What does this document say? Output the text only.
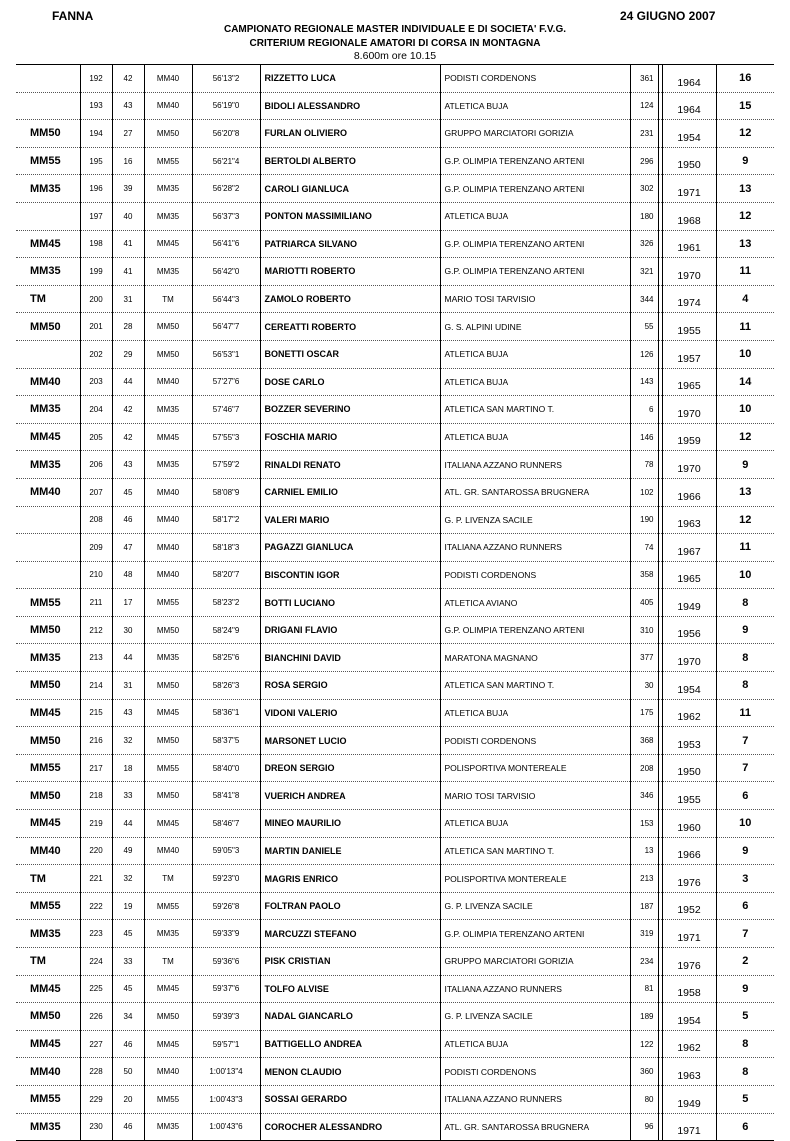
FANNA	24 GIUGNO 2007
CAMPIONATO REGIONALE MASTER INDIVIDUALE E DI SOCIETA' F.V.G.
CRITERIUM REGIONALE AMATORI DI CORSA IN MONTAGNA
8.600m ore 10.15
	192	42	MM40	56'13"2	RIZZETTO LUCA	PODISTI CORDENONS	361		1964	16
	193	43	MM40	56'19"0	BIDOLI ALESSANDRO	ATLETICA BUJA	124		1964	15
MM50	194	27	MM50	56'20"8	FURLAN OLIVIERO	GRUPPO MARCIATORI GORIZIA	231		1954	12
MM55	195	16	MM55	56'21"4	BERTOLDI ALBERTO	G.P. OLIMPIA TERENZANO ARTENI	296		1950	9
MM35	196	39	MM35	56'28"2	CAROLI GIANLUCA	G.P. OLIMPIA TERENZANO ARTENI	302		1971	13
	197	40	MM35	56'37"3	PONTON MASSIMILIANO	ATLETICA BUJA	180		1968	12
MM45	198	41	MM45	56'41"6	PATRIARCA SILVANO	G.P. OLIMPIA TERENZANO ARTENI	326		1961	13
MM35	199	41	MM35	56'42"0	MARIOTTI ROBERTO	G.P. OLIMPIA TERENZANO ARTENI	321		1970	11
TM	200	31	TM	56'44"3	ZAMOLO ROBERTO	MARIO TOSI TARVISIO	344		1974	4
MM50	201	28	MM50	56'47"7	CEREATTI ROBERTO	G. S. ALPINI UDINE	55		1955	11
	202	29	MM50	56'53"1	BONETTI OSCAR	ATLETICA BUJA	126		1957	10
MM40	203	44	MM40	57'27"6	DOSE CARLO	ATLETICA BUJA	143		1965	14
MM35	204	42	MM35	57'46"7	BOZZER SEVERINO	ATLETICA SAN MARTINO T.	6		1970	10
MM45	205	42	MM45	57'55"3	FOSCHIA MARIO	ATLETICA BUJA	146		1959	12
MM35	206	43	MM35	57'59"2	RINALDI RENATO	ITALIANA AZZANO RUNNERS	78		1970	9
MM40	207	45	MM40	58'08"9	CARNIEL EMILIO	ATL. GR. SANTAROSSA BRUGNERA	102		1966	13
	208	46	MM40	58'17"2	VALERI MARIO	G. P. LIVENZA SACILE	190		1963	12
	209	47	MM40	58'18"3	PAGAZZI GIANLUCA	ITALIANA AZZANO RUNNERS	74		1967	11
	210	48	MM40	58'20"7	BISCONTIN IGOR	PODISTI CORDENONS	358		1965	10
MM55	211	17	MM55	58'23"2	BOTTI LUCIANO	ATLETICA AVIANO	405		1949	8
MM50	212	30	MM50	58'24"9	DRIGANI FLAVIO	G.P. OLIMPIA TERENZANO ARTENI	310		1956	9
MM35	213	44	MM35	58'25"6	BIANCHINI DAVID	MARATONA MAGNANO	377		1970	8
MM50	214	31	MM50	58'26"3	ROSA SERGIO	ATLETICA SAN MARTINO T.	30		1954	8
MM45	215	43	MM45	58'36"1	VIDONI VALERIO	ATLETICA BUJA	175		1962	11
MM50	216	32	MM50	58'37"5	MARSONET LUCIO	PODISTI CORDENONS	368		1953	7
MM55	217	18	MM55	58'40"0	DREON SERGIO	POLISPORTIVA MONTEREALE	208		1950	7
MM50	218	33	MM50	58'41"8	VUERICH ANDREA	MARIO TOSI TARVISIO	346		1955	6
MM45	219	44	MM45	58'46"7	MINEO MAURILIO	ATLETICA BUJA	153		1960	10
MM40	220	49	MM40	59'05"3	MARTIN DANIELE	ATLETICA SAN MARTINO T.	13		1966	9
TM	221	32	TM	59'23"0	MAGRIS ENRICO	POLISPORTIVA MONTEREALE	213		1976	3
MM55	222	19	MM55	59'26"8	FOLTRAN PAOLO	G. P. LIVENZA SACILE	187		1952	6
MM35	223	45	MM35	59'33"9	MARCUZZI STEFANO	G.P. OLIMPIA TERENZANO ARTENI	319		1971	7
TM	224	33	TM	59'36"6	PISK CRISTIAN	GRUPPO MARCIATORI GORIZIA	234		1976	2
MM45	225	45	MM45	59'37"6	TOLFO ALVISE	ITALIANA AZZANO RUNNERS	81		1958	9
MM50	226	34	MM50	59'39"3	NADAL GIANCARLO	G. P. LIVENZA SACILE	189		1954	5
MM45	227	46	MM45	59'57"1	BATTIGELLO ANDREA	ATLETICA BUJA	122		1962	8
MM40	228	50	MM40	1:00'13"4	MENON CLAUDIO	PODISTI CORDENONS	360		1963	8
MM55	229	20	MM55	1:00'43"3	SOSSAI GERARDO	ITALIANA AZZANO RUNNERS	80		1949	5
MM35	230	46	MM35	1:00'43"6	COROCHER ALESSANDRO	ATL. GR. SANTAROSSA BRUGNERA	96		1971	6
